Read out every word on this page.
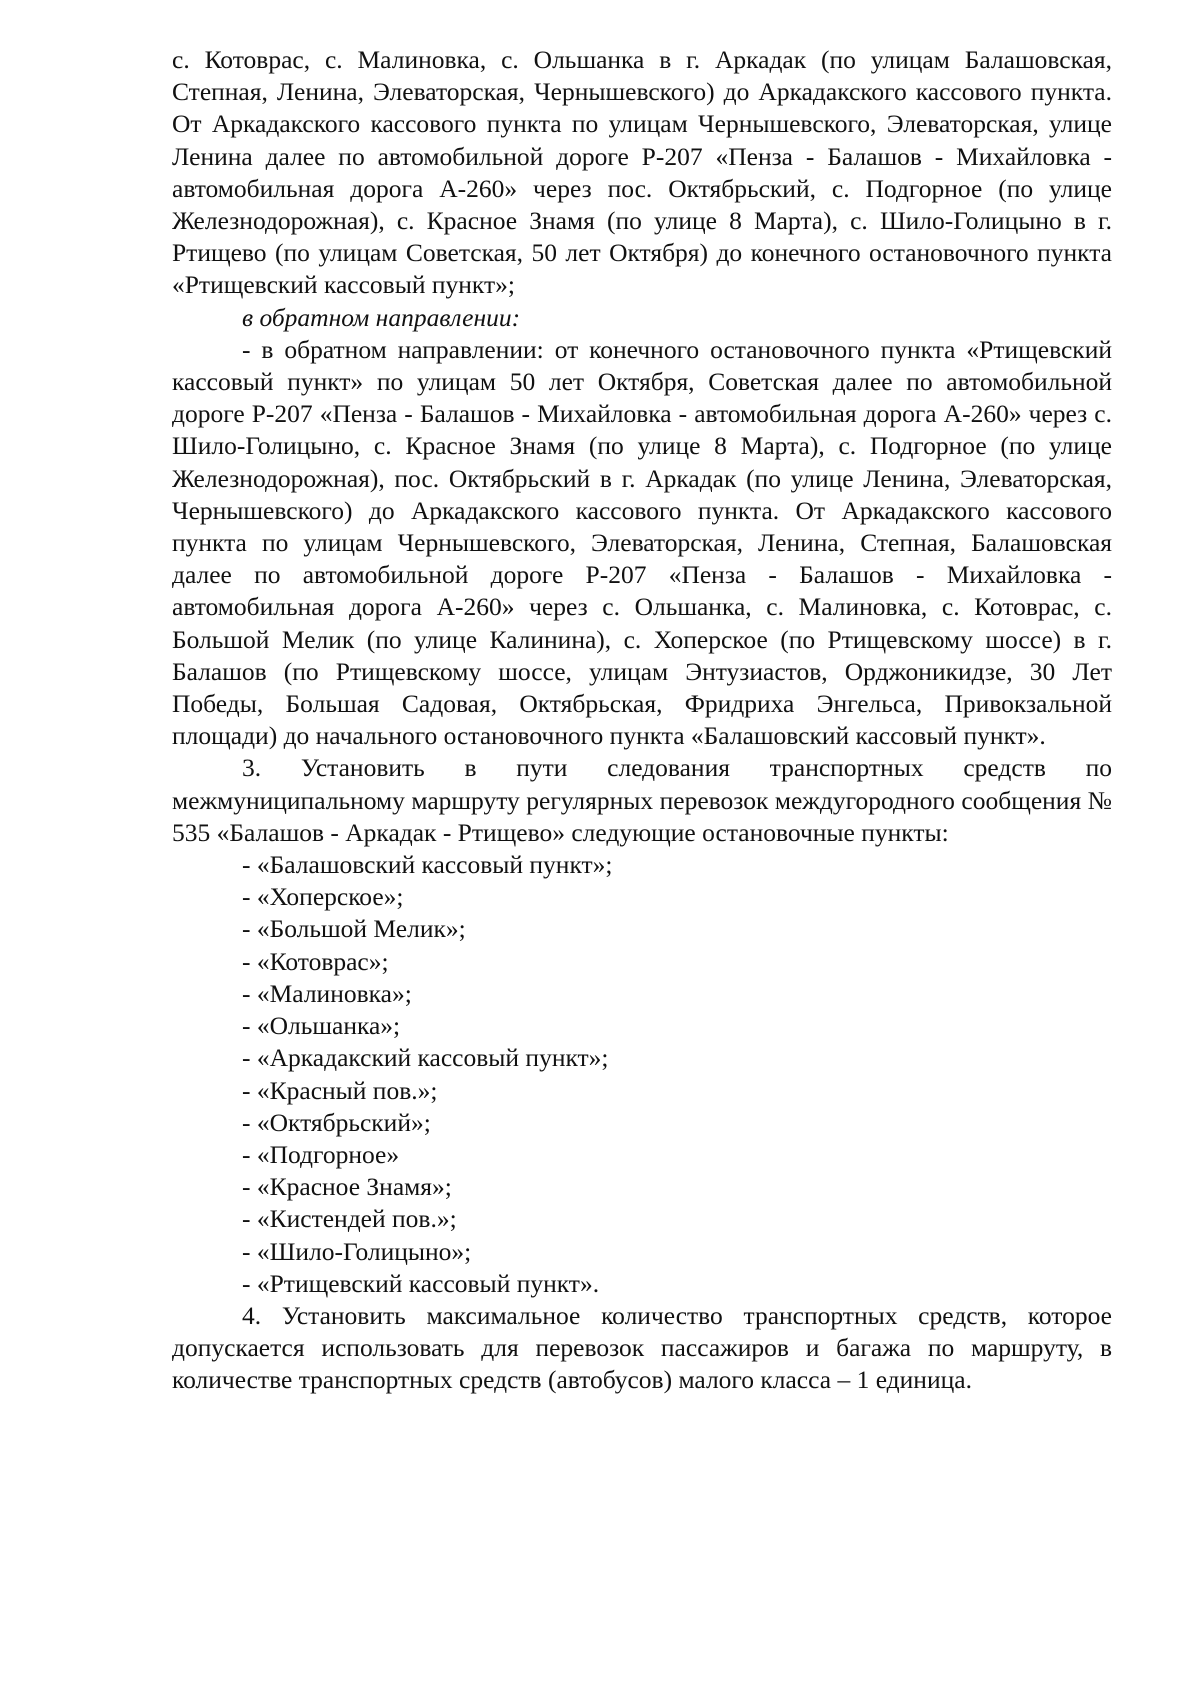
с. Котоврас, с. Малиновка, с. Ольшанка в г. Аркадак (по улицам Балашовская, Степная, Ленина, Элеваторская, Чернышевского) до Аркадакского кассового пункта. От Аркадакского кассового пункта по улицам Чернышевского, Элеваторская, улице Ленина далее по автомобильной дороге Р-207 «Пенза - Балашов - Михайловка - автомобильная дорога А-260» через пос. Октябрьский, с. Подгорное (по улице Железнодорожная), с. Красное Знамя (по улице 8 Марта), с. Шило-Голицыно в г. Ртищево (по улицам Советская, 50 лет Октября) до конечного остановочного пункта «Ртищевский кассовый пункт»;

в обратном направлении:

- в обратном направлении: от конечного остановочного пункта «Ртищевский кассовый пункт» по улицам 50 лет Октября, Советская далее по автомобильной дороге Р-207 «Пенза - Балашов - Михайловка - автомобильная дорога А-260» через с. Шило-Голицыно, с. Красное Знамя (по улице 8 Марта), с. Подгорное (по улице Железнодорожная), пос. Октябрьский в г. Аркадак (по улице Ленина, Элеваторская, Чернышевского) до Аркадакского кассового пункта. От Аркадакского кассового пункта по улицам Чернышевского, Элеваторская, Ленина, Степная, Балашовская далее по автомобильной дороге Р-207 «Пенза - Балашов - Михайловка - автомобильная дорога А-260» через с. Ольшанка, с. Малиновка, с. Котоврас, с. Большой Мелик (по улице Калинина), с. Хоперское (по Ртищевскому шоссе) в г. Балашов (по Ртищевскому шоссе, улицам Энтузиастов, Орджоникидзе, 30 Лет Победы, Большая Садовая, Октябрьская, Фридриха Энгельса, Привокзальной площади) до начального остановочного пункта «Балашовский кассовый пункт».

3. Установить в пути следования транспортных средств по межмуниципальному маршруту регулярных перевозок междугородного сообщения № 535 «Балашов - Аркадак - Ртищево» следующие остановочные пункты:

- «Балашовский кассовый пункт»;
- «Хоперское»;
- «Большой Мелик»;
- «Котоврас»;
- «Малиновка»;
- «Ольшанка»;
- «Аркадакский кассовый пункт»;
- «Красный пов.»;
- «Октябрьский»;
- «Подгорное»
- «Красное Знамя»;
- «Кистендей пов.»;
- «Шило-Голицыно»;
- «Ртищевский кассовый пункт».

4. Установить максимальное количество транспортных средств, которое допускается использовать для перевозок пассажиров и багажа по маршруту, в количестве транспортных средств (автобусов) малого класса – 1 единица.
